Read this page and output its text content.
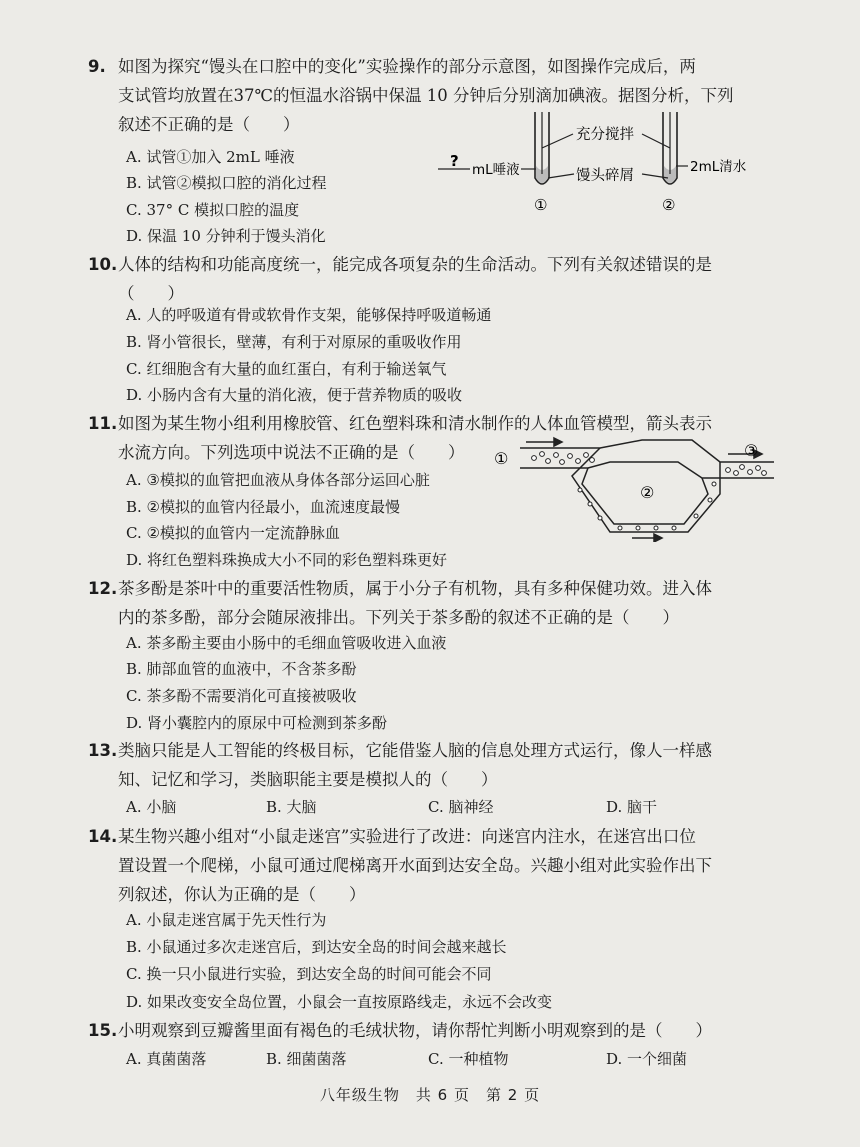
9. 如图为探究“馒头在口腔中的变化”实验操作的部分示意图，如图操作完成后，两
支试管均放置在37℃的恒温水浴锅中保温 10 分钟后分别滴加碘液。据图分析，下列
叙述不正确的是（　　）
A. 试管①加入 2mL 唾液
B. 试管②模拟口腔的消化过程
C. 37° C 模拟口腔的温度
D. 保温 10 分钟利于馒头消化
? mL唾液
充分搅拌
2mL清水
馒头碎屑
①	②
10.人体的结构和功能高度统一，能完成各项复杂的生命活动。下列有关叙述错误的是
（　　）
A. 人的呼吸道有骨或软骨作支架，能够保持呼吸道畅通
B. 肾小管很长，壁薄，有利于对原尿的重吸收作用
C. 红细胞含有大量的血红蛋白，有利于输送氧气
D. 小肠内含有大量的消化液，便于营养物质的吸收
11.如图为某生物小组利用橡胶管、红色塑料珠和清水制作的人体血管模型，箭头表示
水流方向。下列选项中说法不正确的是（　　）
A. ③模拟的血管把血液从身体各部分运回心脏
B. ②模拟的血管内径最小，血流速度最慢
C. ②模拟的血管内一定流静脉血
D. 将红色塑料珠换成大小不同的彩色塑料珠更好
①
②
③
12.茶多酚是茶叶中的重要活性物质，属于小分子有机物，具有多种保健功效。进入体
内的茶多酚，部分会随尿液排出。下列关于茶多酚的叙述不正确的是（　　）
A. 茶多酚主要由小肠中的毛细血管吸收进入血液
B. 肺部血管的血液中，不含茶多酚
C. 茶多酚不需要消化可直接被吸收
D. 肾小囊腔内的原尿中可检测到茶多酚
13.类脑只能是人工智能的终极目标，它能借鉴人脑的信息处理方式运行，像人一样感
知、记忆和学习，类脑职能主要是模拟人的（　　）
A. 小脑	B. 大脑	C. 脑神经	D. 脑干
14.某生物兴趣小组对“小鼠走迷宫”实验进行了改进：向迷宫内注水，在迷宫出口位
置设置一个爬梯，小鼠可通过爬梯离开水面到达安全岛。兴趣小组对此实验作出下
列叙述，你认为正确的是（　　）
A. 小鼠走迷宫属于先天性行为
B. 小鼠通过多次走迷宫后，到达安全岛的时间会越来越长
C. 换一只小鼠进行实验，到达安全岛的时间可能会不同
D. 如果改变安全岛位置，小鼠会一直按原路线走，永远不会改变
15.小明观察到豆瓣酱里面有褐色的毛绒状物，请你帮忙判断小明观察到的是（　　）
A. 真菌菌落	B. 细菌菌落	C. 一种植物	D. 一个细菌
八年级生物　共 6 页　第 2 页
